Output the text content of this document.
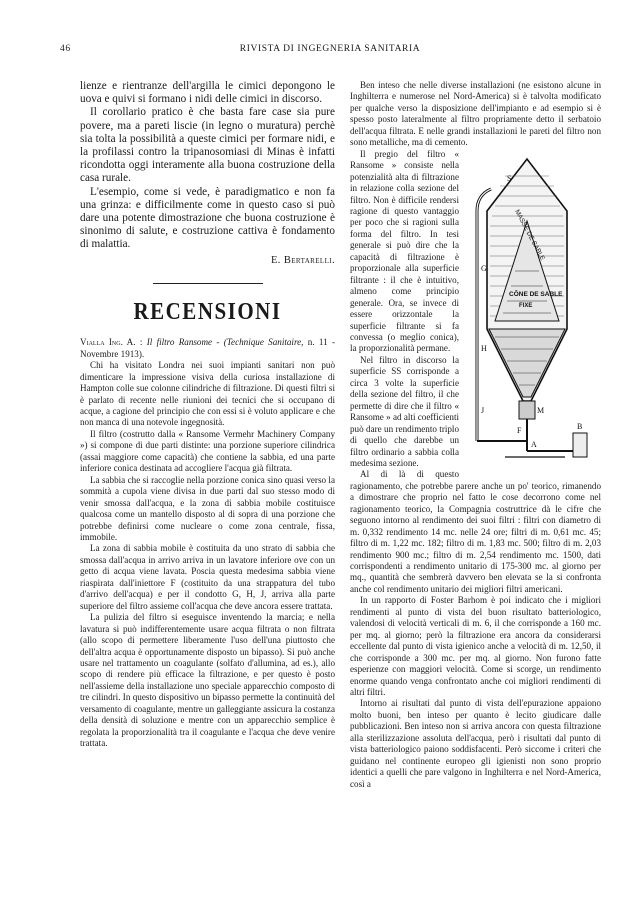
46	RIVISTA DI INGEGNERIA SANITARIA

lienze e rientranze dell'argilla le cimici depongono le uova e quivi si formano i nidi delle cimici in discorso.

Il corollario pratico è che basta fare case sia pure povere, ma a pareti liscie (in legno o muratura) perchè sia tolta la possibilità a queste cimici per formare nidi, e la profilassi contro la tripanosomiasi di Minas è infatti ricondotta oggi interamente alla buona costruzione della casa rurale.

L'esempio, come si vede, è paradigmatico e non fa una grinza: e difficilmente come in questo caso si può dare una potente dimostrazione che buona costruzione è sinonimo di salute, e costruzione cattiva è fondamento di malattia.

E. Bertarelli.
RECENSIONI

Vialla Ing. A. : Il filtro Ransome - (Technique Sanitaire, n. 11 - Novembre 1913).

Chi ha visitato Londra nei suoi impianti sanitari non può dimenticare la impressione visiva della curiosa installazione di Hampton colle sue colonne cilindriche di filtrazione. Di questi filtri si è parlato di recente nelle riunioni dei tecnici che si occupano di acque, a cagione del principio che con essi si è voluto applicare e che non manca di una notevole ingegnosità.

Il filtro (costrutto dalla « Ransome Vermehr Machinery Company ») si compone di due parti distinte: una porzione superiore cilindrica (assai maggiore come capacità) che contiene la sabbia, ed una parte inferiore conica destinata ad accogliere l'acqua già filtrata.

La sabbia che si raccoglie nella porzione conica sino quasi verso la sommità a cupola viene divisa in due parti dal suo stesso modo di venir smossa dall'acqua, e la zona di sabbia mobile costituisce qualcosa come un mantello disposto al di sopra di una porzione che potrebbe definirsi come nucleare o come zona centrale, fissa, immobile.

La zona di sabbia mobile è costituita da uno strato di sabbia che smossa dall'acqua in arrivo arriva in un lavatore inferiore ove con un getto di acqua viene lavata. Poscia questa medesima sabbia viene riaspirata dall'iniettore F (costituito da una strappatura del tubo d'arrivo dell'acqua) e per il condotto G, H, J, arriva alla parte superiore del filtro assieme coll'acqua che deve ancora essere trattata.

La pulizia del filtro si eseguisce inventendo la marcia; e nella lavatura si può indifferentemente usare acqua filtrata o non filtrata (allo scopo di permettere liberamente l'uso dell'una piuttosto che dell'altra acqua è opportunamente disposto un bipasso). Si può anche usare nel trattamento un coagulante (solfato d'allumina, ad es.), allo scopo di rendere più efficace la filtrazione, e per questo è posto nell'assieme della installazione uno speciale apparecchio composto di tre cilindri. In questo dispositivo un bipasso permette la continuità del versamento di coagulante, mentre un galleggiante assicura la costanza della densità di soluzione e mentre con un apparecchio semplice è regolata la proporzionalità tra il coagulante e l'acqua che deve venire trattata.

Ben inteso che nelle diverse installazioni (ne esistono alcune in Inghilterra e numerose nel Nord-America) si è talvolta modificato per qualche verso la disposizione dell'impianto e ad esempio si è spesso posto lateralmente al filtro propriamente detto il serbatoio dell'acqua filtrata. E nelle grandi installazioni le pareti del filtro non sono metalliche, ma di cemento.

MASSE DE SABLE
CÔNE DE SABLE
FIXE
S
G
H
J	M
F
A
B

Il pregio del filtro « Ransome » consiste nella potenzialità alta di filtrazione in relazione colla sezione del filtro. Non è difficile rendersi ragione di questo vantaggio per poco che si ragioni sulla forma del filtro. In tesi generale si può dire che la capacità di filtrazione è proporzionale alla superficie filtrante : il che è intuitivo, almeno come principio generale. Ora, se invece di essere orizzontale la superficie filtrante si fa convessa (o meglio conica), la proporzionalità permane.

Nel filtro in discorso la superficie SS corrisponde a circa 3 volte la superficie della sezione del filtro, il che permette di dire che il filtro « Ransome » ad alti coefficienti può dare un rendimento triplo di quello che darebbe un filtro ordinario a sabbia colla medesima sezione.

Al di là di questo ragionamento, che potrebbe parere anche un po' teorico, rimanendo a dimostrare che proprio nel fatto le cose decorrono come nel ragionamento teorico, la Compagnia costruttrice dà le cifre che seguono intorno al rendimento dei suoi filtri : filtri con diametro di m. 0,332 rendimento 14 mc. nelle 24 ore; filtri di m. 0,61 mc. 45; filtro di m. 1,22 mc. 182; filtro di m. 1,83 mc. 500; filtro di m. 2,03 rendimento 900 mc.; filtro di m. 2,54 rendimento mc. 1500, dati corrispondenti a rendimento unitario di 175-300 mc. al giorno per mq., quantità che sembrerà davvero ben elevata se la si confronta anche col rendimento unitario dei migliori filtri americani.

In un rapporto di Foster Barhom è poi indicato che i migliori rendimenti al punto di vista del buon risultato batteriologico, valendosi di velocità verticali di m. 6, il che corrisponde a 160 mc. per mq. al giorno; però la filtrazione era ancora da considerarsi eccellente dal punto di vista igienico anche a velocità di m. 12,50, il che corrisponde a 300 mc. per mq. al giorno. Non furono fatte esperienze con maggiori velocità. Come si scorge, un rendimento enorme quando venga confrontato anche coi migliori rendimenti di altri filtri.

Intorno ai risultati dal punto di vista dell'epurazione appaiono molto buoni, ben inteso per quanto è lecito giudicare dalle pubblicazioni. Ben inteso non si arriva ancora con questa filtrazione alla sterilizzazione assoluta dell'acqua, però i risultati dal punto di vista batteriologico paiono soddisfacenti. Però siccome i criteri che guidano nel continente europeo gli igienisti non sono proprio identici a quelli che pare valgono in Inghilterra e nel Nord-America, così a
